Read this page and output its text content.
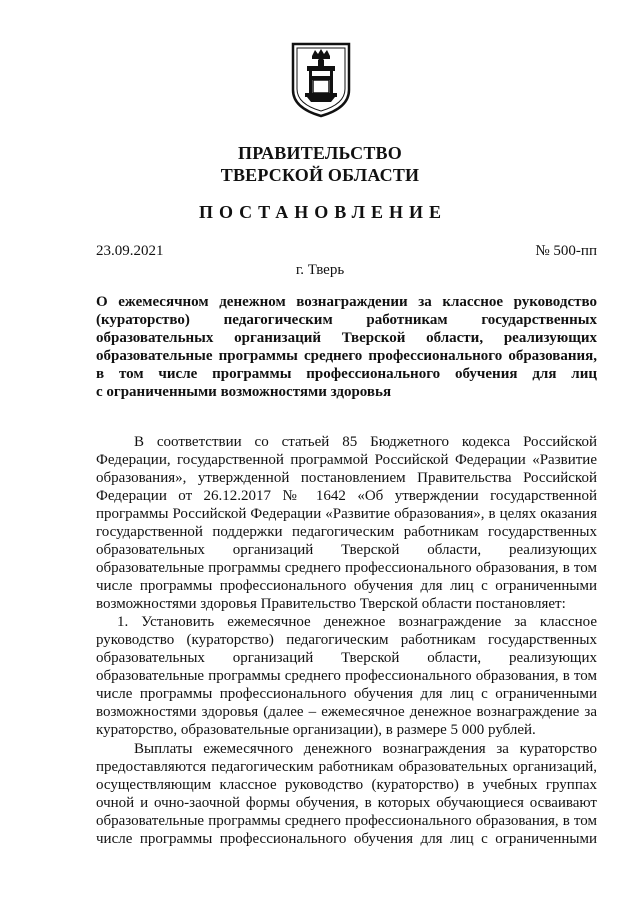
ПРАВИТЕЛЬСТВО
ТВЕРСКОЙ ОБЛАСТИ
ПОСТАНОВЛЕНИЕ
23.09.2021	№ 500-пп
г. Тверь
О ежемесячном денежном вознаграждении за классное руководство
(кураторство) педагогическим работникам государственных
образовательных организаций Тверской области, реализующих
образовательные программы среднего профессионального образования,
в том числе программы профессионального обучения для лиц
с ограниченными возможностями здоровья
В соответствии со статьей 85 Бюджетного кодекса Российской
Федерации, государственной программой Российской Федерации «Развитие
образования», утвержденной постановлением Правительства Российской
Федерации от 26.12.2017 № 1642 «Об утверждении государственной
программы Российской Федерации «Развитие образования», в целях оказания
государственной поддержки педагогическим работникам государственных
образовательных организаций Тверской области, реализующих
образовательные программы среднего профессионального образования, в том
числе программы профессионального обучения для лиц с ограниченными
возможностями здоровья Правительство Тверской области постановляет:
1. Установить ежемесячное денежное вознаграждение за классное
руководство (кураторство) педагогическим работникам государственных
образовательных организаций Тверской области, реализующих
образовательные программы среднего профессионального образования, в том
числе программы профессионального обучения для лиц с ограниченными
возможностями здоровья (далее – ежемесячное денежное вознаграждение за
кураторство, образовательные организации), в размере 5 000 рублей.
Выплаты ежемесячного денежного вознаграждения за кураторство
предоставляются педагогическим работникам образовательных организаций,
осуществляющим классное руководство (кураторство) в учебных группах
очной и очно-заочной формы обучения, в которых обучающиеся осваивают
образовательные программы среднего профессионального образования, в том
числе программы профессионального обучения для лиц с ограниченными
